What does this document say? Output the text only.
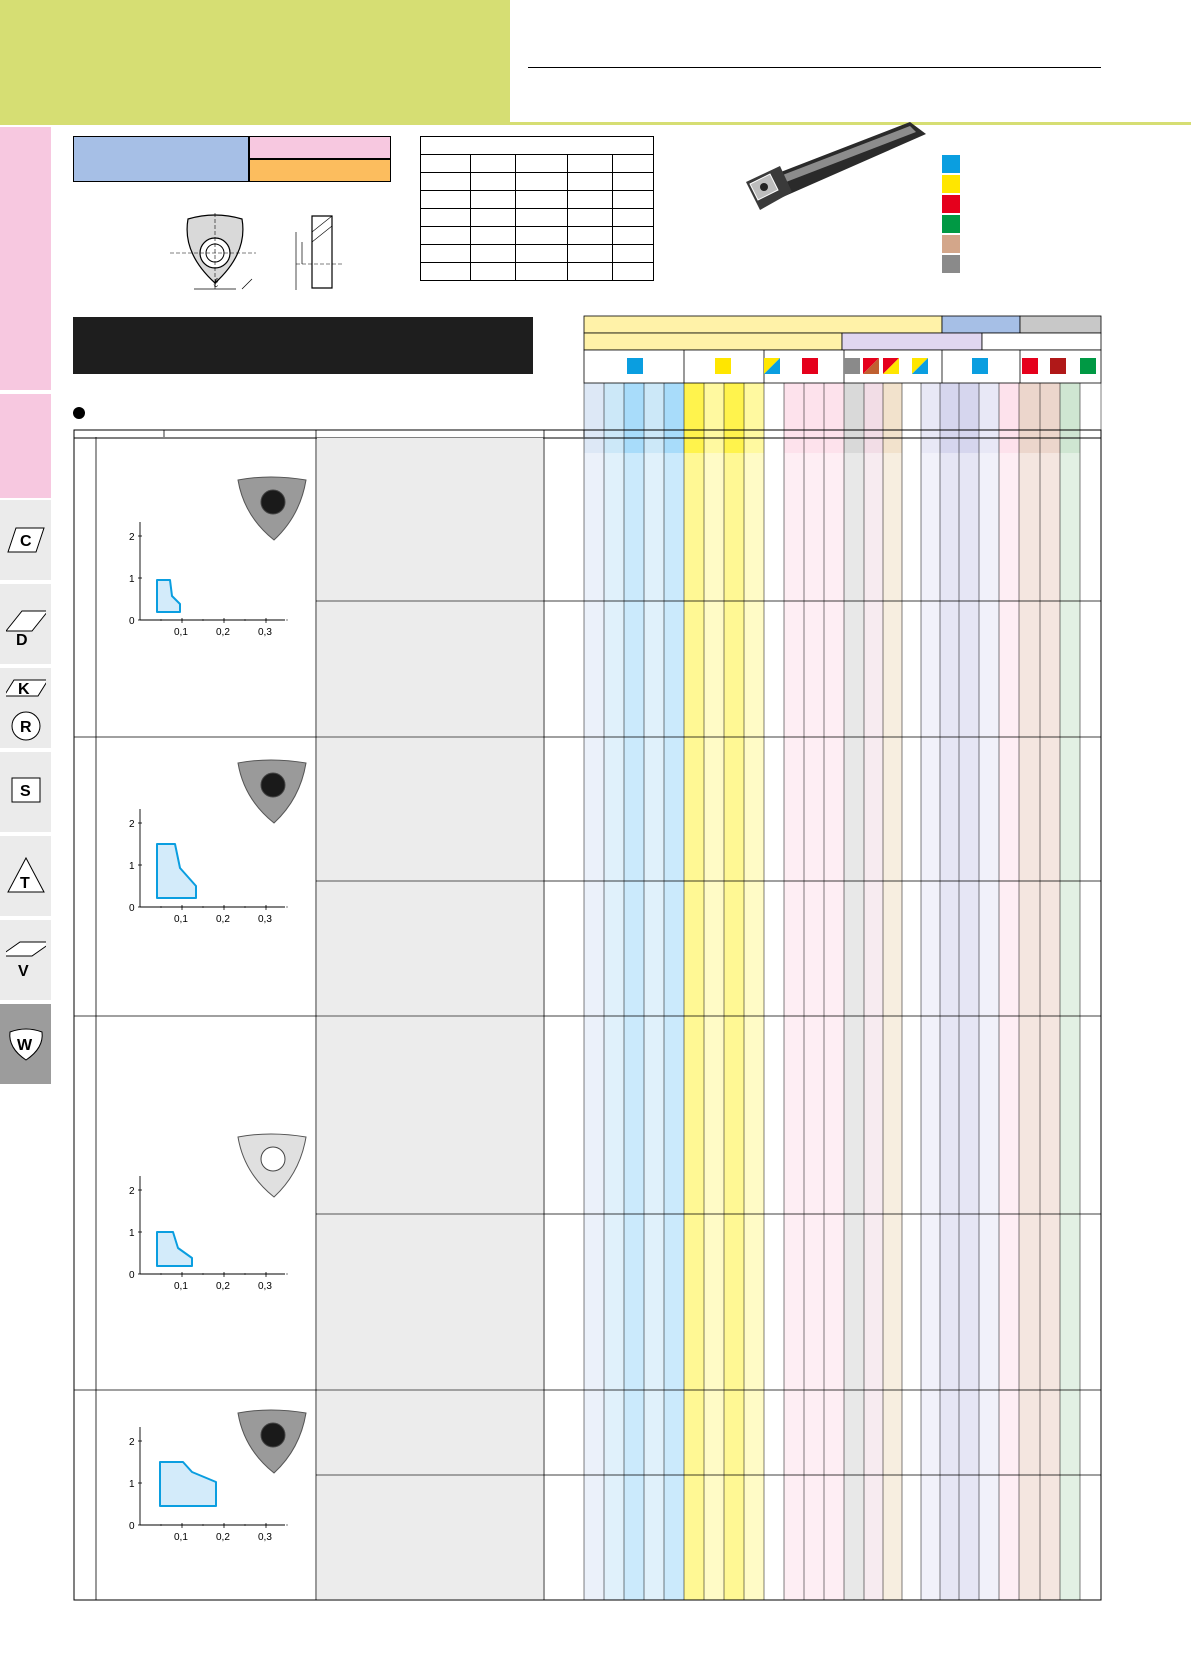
C
D
K
R
S
T
V
W
ℓ

2
1
0
0,1	0,2	0,3
2
1
0
0,1	0,2	0,3
2
1
0
0,1	0,2	0,3
2
1
0
0,1	0,2	0,3
